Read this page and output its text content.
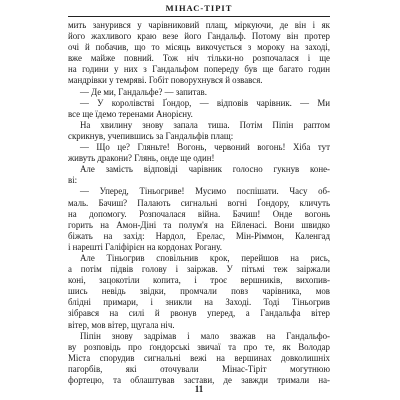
МІНАС-ТІРІТ
мить занурився у чарівниковий плащ, міркуючи, де він і як
його жахливого краю везе його Гандальф. Потому він протер
очі й побачив, що то місяць викочується з мороку на заході,
вже майже повний. Тож ніч тільки-но розпочалася і ще
на години у них з Гандальфом попереду був ще багато годин
мандрівки у темряві. Гобіт поворухнувся й озвався.
— Де ми, Гандальфе? — запитав.
— У королівстві Ґондор, — відповів чарівник. — Ми
все ще їдемо теренами Анорієну.
На хвилину знову запала тиша. Потім Піпін раптом
скрикнув, учепившись за Гандальфів плащ:
— Що це? Гляньте! Вогонь, червоний вогонь! Хіба тут
живуть дракони? Глянь, онде ще один!
Але замість відповіді чарівник голосно гукнув коне-
ві:
— Уперед, Тіньогриве! Мусимо поспішати. Часу об-
маль. Бачиш? Палають сигнальні вогні Ґондору, кличуть
на допомогу. Розпочалася війна. Бачиш! Онде вогонь
горить на Амон-Діні та полум'я на Ейленасі. Вони швидко
біжать на захід: Нардол, Ерелас, Мін-Ріммон, Каленгад
і нарешті Галіфірієн на кордонах Рогану.
Але Тіньогрив сповільнив крок, перейшов на рись,
а потім підвів голову і заіржав. У пітьмі теж заіржали
коні, зацокотіли копита, і троє вершників, вихопив-
шись невідь звідки, промчали повз чарівника, мов
блідні примари, і зникли на Заході. Тоді Тіньогрив
зібрався на силі й рвонув уперед, а Гандальфа вітер
вітер, мов вітер, щугала ніч.
Піпін знову задрімав і мало зважав на Гандальфо-
ву розповідь про ґондорські звичаї та про те, як Володар
Міста спорудив сигнальні вежі на вершинах довколишніх
пагорбів, які оточували Мінас-Тіріт могутнюю
фортецю, та облаштував застави, де завжди тримали на-
11
